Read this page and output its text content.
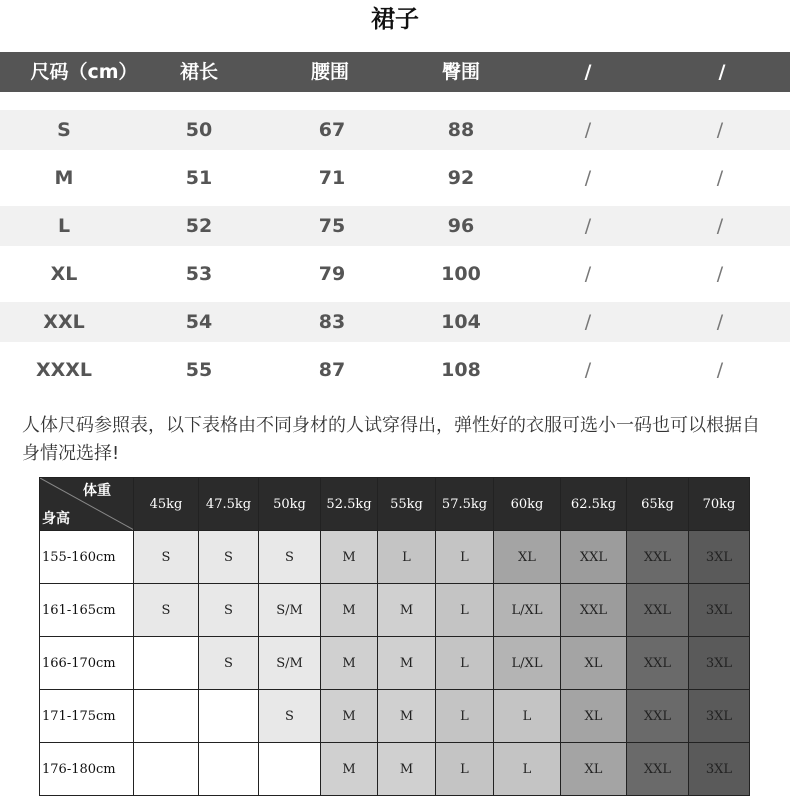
裙子
尺码（cm） 裙长	腰围	臀围	/	/
S	50	67	88	/	/
M	51	71	92	/	/
L	52	75	96	/	/
XL	53	79	100	/	/
XXL	54	83	104	/	/
XXXL	55	87	108	/	/
人体尺码参照表，以下表格由不同身材的人试穿得出，弹性好的衣服可选小一码也可以根据自身情况选择!
体重
身高	45kg	47.5kg	50kg	52.5kg	55kg	57.5kg	60kg	62.5kg	65kg	70kg
155-160cm	S	S	S	M	L	L	XL	XXL	XXL	3XL
161-165cm	S	S	S/M	M	M	L	L/XL	XXL	XXL	3XL
166-170cm		S	S/M	M	M	L	L/XL	XL	XXL	3XL
171-175cm			S	M	M	L	L	XL	XXL	3XL
176-180cm				M	M	L	L	XL	XXL	3XL
